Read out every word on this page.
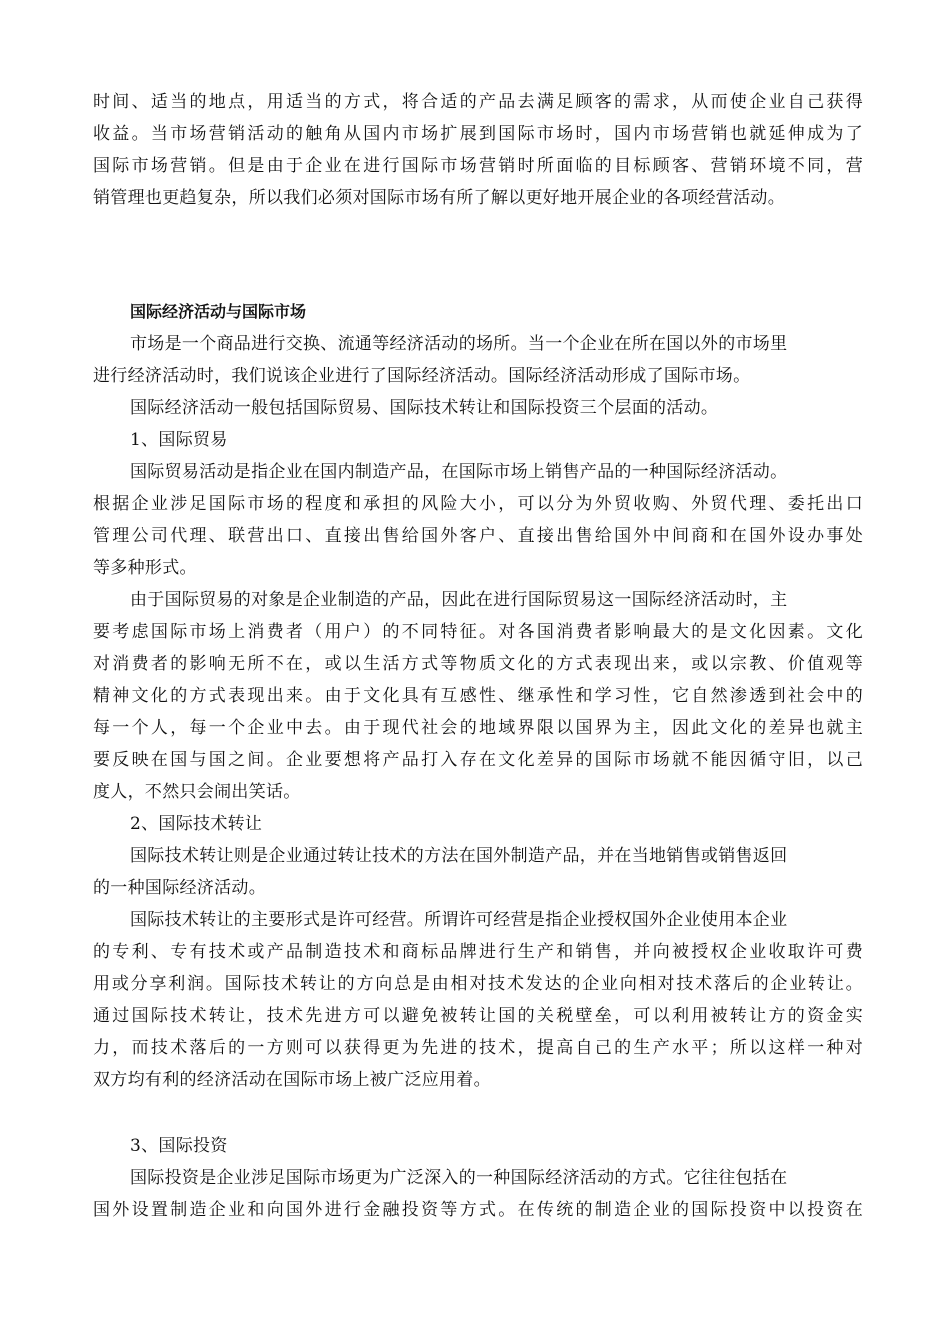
时间、适当的地点，用适当的方式，将合适的产品去满足顾客的需求，从而使企业自己获得
收益。当市场营销活动的触角从国内市场扩展到国际市场时，国内市场营销也就延伸成为了
国际市场营销。但是由于企业在进行国际市场营销时所面临的目标顾客、营销环境不同，营
销管理也更趋复杂，所以我们必须对国际市场有所了解以更好地开展企业的各项经营活动。
国际经济活动与国际市场
市场是一个商品进行交换、流通等经济活动的场所。当一个企业在所在国以外的市场里
进行经济活动时，我们说该企业进行了国际经济活动。国际经济活动形成了国际市场。
国际经济活动一般包括国际贸易、国际技术转让和国际投资三个层面的活动。
1、国际贸易
国际贸易活动是指企业在国内制造产品，在国际市场上销售产品的一种国际经济活动。
根据企业涉足国际市场的程度和承担的风险大小，可以分为外贸收购、外贸代理、委托出口
管理公司代理、联营出口、直接出售给国外客户、直接出售给国外中间商和在国外设办事处
等多种形式。
由于国际贸易的对象是企业制造的产品，因此在进行国际贸易这一国际经济活动时，主
要考虑国际市场上消费者（用户）的不同特征。对各国消费者影响最大的是文化因素。文化
对消费者的影响无所不在，或以生活方式等物质文化的方式表现出来，或以宗教、价值观等
精神文化的方式表现出来。由于文化具有互感性、继承性和学习性，它自然渗透到社会中的
每一个人，每一个企业中去。由于现代社会的地域界限以国界为主，因此文化的差异也就主
要反映在国与国之间。企业要想将产品打入存在文化差异的国际市场就不能因循守旧，以己
度人，不然只会闹出笑话。
2、国际技术转让
国际技术转让则是企业通过转让技术的方法在国外制造产品，并在当地销售或销售返回
的一种国际经济活动。
国际技术转让的主要形式是许可经营。所谓许可经营是指企业授权国外企业使用本企业
的专利、专有技术或产品制造技术和商标品牌进行生产和销售，并向被授权企业收取许可费
用或分享利润。国际技术转让的方向总是由相对技术发达的企业向相对技术落后的企业转让。
通过国际技术转让，技术先进方可以避免被转让国的关税壁垒，可以利用被转让方的资金实
力，而技术落后的一方则可以获得更为先进的技术，提高自己的生产水平；所以这样一种对
双方均有利的经济活动在国际市场上被广泛应用着。
3、国际投资
国际投资是企业涉足国际市场更为广泛深入的一种国际经济活动的方式。它往往包括在
国外设置制造企业和向国外进行金融投资等方式。在传统的制造企业的国际投资中以投资在
